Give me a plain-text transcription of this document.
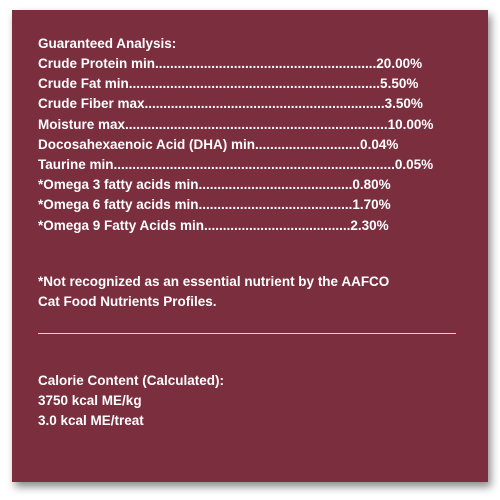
Guaranteed Analysis:
Crude Protein min...........................................................20.00%
Crude Fat min...................................................................5.50%
Crude Fiber max................................................................3.50%
Moisture max......................................................................10.00%
Docosahexaenoic Acid (DHA) min............................0.04%
Taurine min...........................................................................0.05%
*Omega 3 fatty acids min.........................................0.80%
*Omega 6 fatty acids min.........................................1.70%
*Omega 9 Fatty Acids min.......................................2.30%
*Not recognized as an essential nutrient by the AAFCO
Cat Food Nutrients Profiles.
Calorie Content (Calculated):
3750 kcal ME/kg
3.0 kcal ME/treat
